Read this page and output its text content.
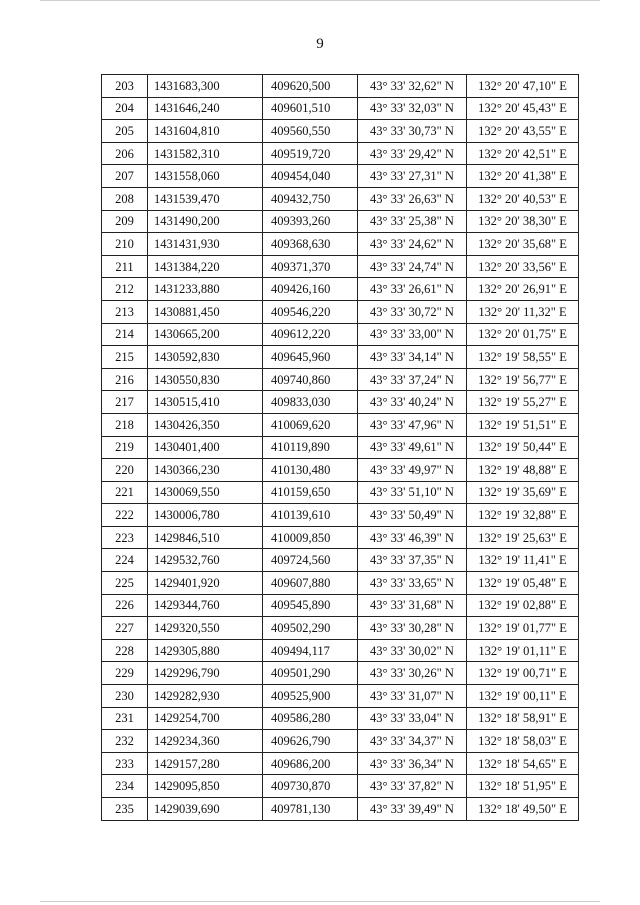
9
203	1431683,300	409620,500	43° 33' 32,62" N	132° 20' 47,10" E
204	1431646,240	409601,510	43° 33' 32,03" N	132° 20' 45,43" E
205	1431604,810	409560,550	43° 33' 30,73" N	132° 20' 43,55" E
206	1431582,310	409519,720	43° 33' 29,42" N	132° 20' 42,51" E
207	1431558,060	409454,040	43° 33' 27,31" N	132° 20' 41,38" E
208	1431539,470	409432,750	43° 33' 26,63" N	132° 20' 40,53" E
209	1431490,200	409393,260	43° 33' 25,38" N	132° 20' 38,30" E
210	1431431,930	409368,630	43° 33' 24,62" N	132° 20' 35,68" E
211	1431384,220	409371,370	43° 33' 24,74" N	132° 20' 33,56" E
212	1431233,880	409426,160	43° 33' 26,61" N	132° 20' 26,91" E
213	1430881,450	409546,220	43° 33' 30,72" N	132° 20' 11,32" E
214	1430665,200	409612,220	43° 33' 33,00" N	132° 20' 01,75" E
215	1430592,830	409645,960	43° 33' 34,14" N	132° 19' 58,55" E
216	1430550,830	409740,860	43° 33' 37,24" N	132° 19' 56,77" E
217	1430515,410	409833,030	43° 33' 40,24" N	132° 19' 55,27" E
218	1430426,350	410069,620	43° 33' 47,96" N	132° 19' 51,51" E
219	1430401,400	410119,890	43° 33' 49,61" N	132° 19' 50,44" E
220	1430366,230	410130,480	43° 33' 49,97" N	132° 19' 48,88" E
221	1430069,550	410159,650	43° 33' 51,10" N	132° 19' 35,69" E
222	1430006,780	410139,610	43° 33' 50,49" N	132° 19' 32,88" E
223	1429846,510	410009,850	43° 33' 46,39" N	132° 19' 25,63" E
224	1429532,760	409724,560	43° 33' 37,35" N	132° 19' 11,41" E
225	1429401,920	409607,880	43° 33' 33,65" N	132° 19' 05,48" E
226	1429344,760	409545,890	43° 33' 31,68" N	132° 19' 02,88" E
227	1429320,550	409502,290	43° 33' 30,28" N	132° 19' 01,77" E
228	1429305,880	409494,117	43° 33' 30,02" N	132° 19' 01,11" E
229	1429296,790	409501,290	43° 33' 30,26" N	132° 19' 00,71" E
230	1429282,930	409525,900	43° 33' 31,07" N	132° 19' 00,11" E
231	1429254,700	409586,280	43° 33' 33,04" N	132° 18' 58,91" E
232	1429234,360	409626,790	43° 33' 34,37" N	132° 18' 58,03" E
233	1429157,280	409686,200	43° 33' 36,34" N	132° 18' 54,65" E
234	1429095,850	409730,870	43° 33' 37,82" N	132° 18' 51,95" E
235	1429039,690	409781,130	43° 33' 39,49" N	132° 18' 49,50" E
